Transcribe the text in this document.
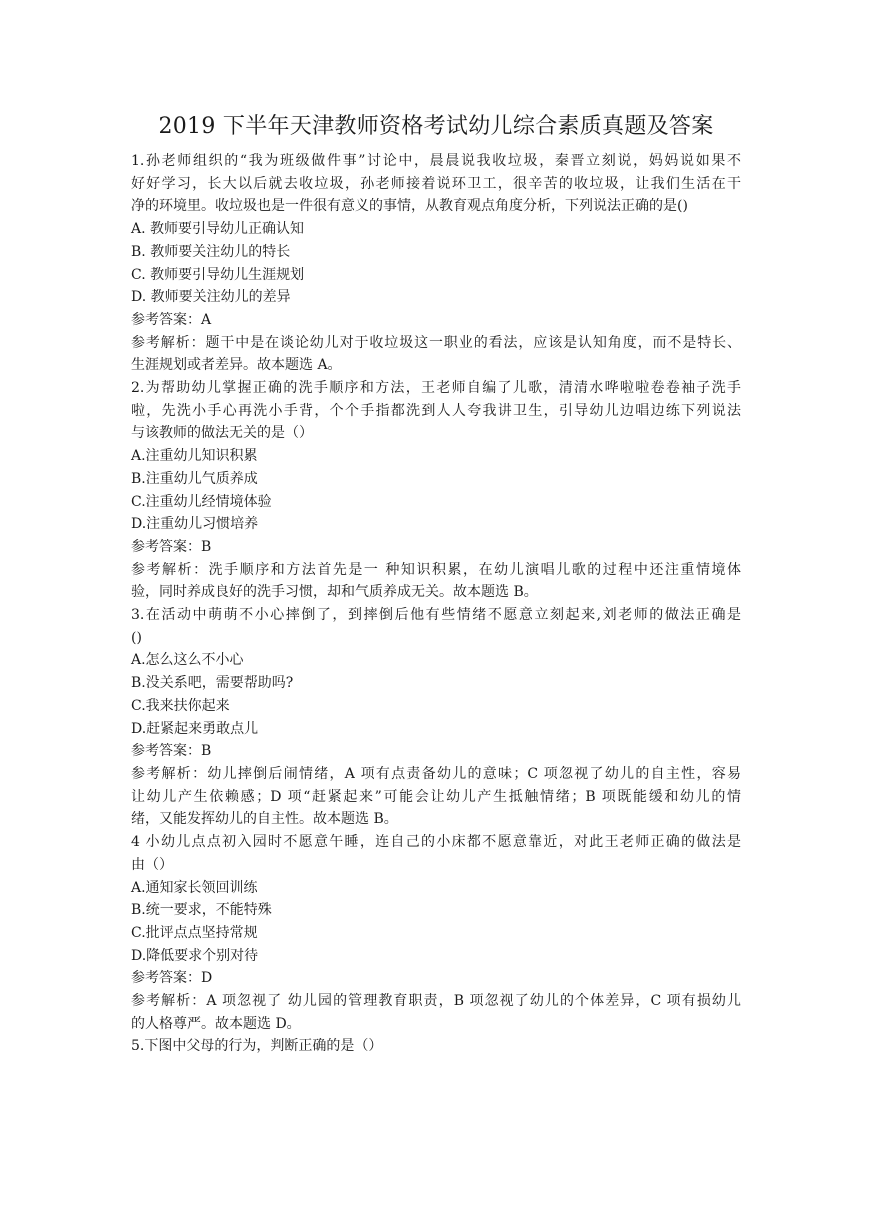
2019 下半年天津教师资格考试幼儿综合素质真题及答案
1.孙老师组织的“我为班级做件事”讨论中，晨晨说我收垃圾，秦晋立刻说，妈妈说如果不
好好学习，长大以后就去收垃圾，孙老师接着说环卫工，很辛苦的收垃圾，让我们生活在干
净的环境里。收垃圾也是一件很有意义的事情，从教育观点角度分析，下列说法正确的是()
A. 教师要引导幼儿正确认知
B. 教师要关注幼儿的特长
C. 教师要引导幼儿生涯规划
D. 教师要关注幼儿的差异
参考答案：A
参考解析：题干中是在谈论幼儿对于收垃圾这一职业的看法，应该是认知角度，而不是特长、
生涯规划或者差异。故本题选 A。
2.为帮助幼儿掌握正确的洗手顺序和方法，王老师自编了儿歌，清清水哗啦啦卷卷袖子洗手
啦，先洗小手心再洗小手背，个个手指都洗到人人夸我讲卫生，引导幼儿边唱边练下列说法
与该教师的做法无关的是（）
A.注重幼儿知识积累
B.注重幼儿气质养成
C.注重幼儿经情境体验
D.注重幼儿习惯培养
参考答案：B
参考解析：洗手顺序和方法首先是一 种知识积累，在幼儿演唱儿歌的过程中还注重情境体
验，同时养成良好的洗手习惯，却和气质养成无关。故本题选 B。
3.在活动中萌萌不小心摔倒了，到摔倒后他有些情绪不愿意立刻起来,刘老师的做法正确是
()
A.怎么这么不小心
B.没关系吧，需要帮助吗?
C.我来扶你起来
D.赶紧起来勇敢点儿
参考答案：B
参考解析：幼儿摔倒后闹情绪，A 项有点责备幼儿的意味；C 项忽视了幼儿的自主性，容易
让幼儿产生依赖感；D 项“赶紧起来”可能会让幼儿产生抵触情绪；B 项既能缓和幼儿的情
绪，又能发挥幼儿的自主性。故本题选 B。
4 小幼儿点点初入园时不愿意午睡，连自己的小床都不愿意靠近，对此王老师正确的做法是
由（）
A.通知家长领回训练
B.统一要求，不能特殊
C.批评点点坚持常规
D.降低要求个别对待
参考答案：D
参考解析：A 项忽视了 幼儿园的管理教育职责，B 项忽视了幼儿的个体差异，C 项有损幼儿
的人格尊严。故本题选 D。
5.下图中父母的行为，判断正确的是（）
